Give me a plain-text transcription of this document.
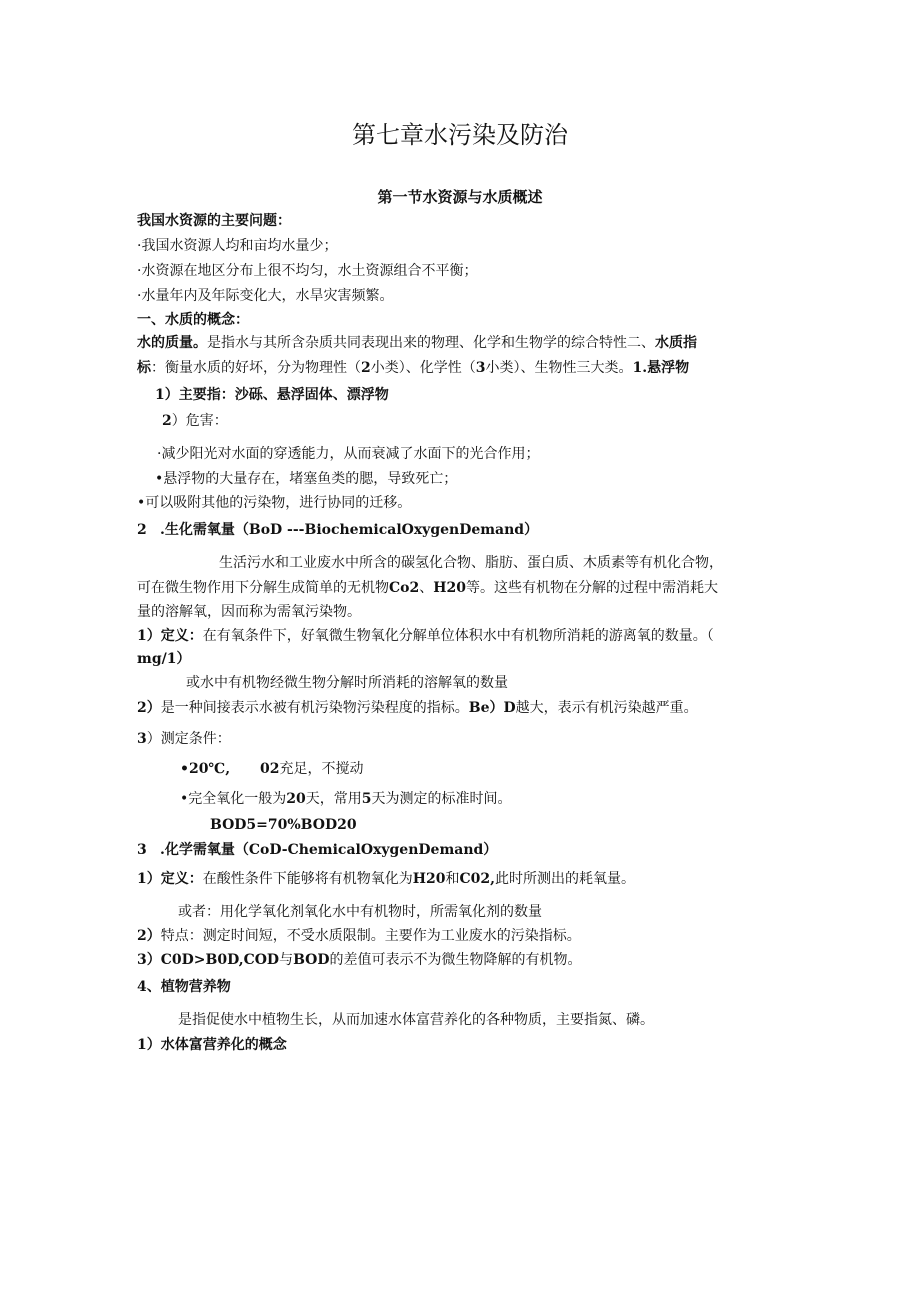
第七章水污染及防治
第一节水资源与水质概述
我国水资源的主要问题：
·我国水资源人均和亩均水量少；
·水资源在地区分布上很不均匀，水土资源组合不平衡；
·水量年内及年际变化大，水旱灾害频繁。
一、水质的概念：
水的质量。是指水与其所含杂质共同表现出来的物理、化学和生物学的综合特性二、水质指
标：衡量水质的好坏，分为物理性（2小类）、化学性（3小类）、生物性三大类。1.悬浮物
1）主要指：沙砾、悬浮固体、漂浮物
2）危害：
·减少阳光对水面的穿透能力，从而衰减了水面下的光合作用；
•悬浮物的大量存在，堵塞鱼类的腮，导致死亡；
•可以吸附其他的污染物，进行协同的迁移。
2 .生化需氧量（BoD ---BiochemicalOxygenDemand）
生活污水和工业废水中所含的碳氢化合物、脂肪、蛋白质、木质素等有机化合物，
可在微生物作用下分解生成简单的无机物Co2、H20等。这些有机物在分解的过程中需消耗大
量的溶解氧，因而称为需氧污染物。
1）定义：在有氧条件下，好氧微生物氧化分解单位体积水中有机物所消耗的游离氧的数量。（
mg/1）
或水中有机物经微生物分解时所消耗的溶解氧的数量
2）是一种间接表示水被有机污染物污染程度的指标。Be）D越大，表示有机污染越严重。
3）测定条件：
•20℃, 02充足，不搅动
•完全氧化一般为20天，常用5天为测定的标准时间。
BOD5=70%BOD20
3 .化学需氧量（CoD-ChemicalOxygenDemand）
1）定义：在酸性条件下能够将有机物氧化为H20和C02,此时所测出的耗氧量。
或者：用化学氧化剂氧化水中有机物时，所需氧化剂的数量
2）特点：测定时间短，不受水质限制。主要作为工业废水的污染指标。
3）C0D>B0D,COD与BOD的差值可表示不为微生物降解的有机物。
4、植物营养物
是指促使水中植物生长，从而加速水体富营养化的各种物质，主要指氮、磷。
1）水体富营养化的概念
